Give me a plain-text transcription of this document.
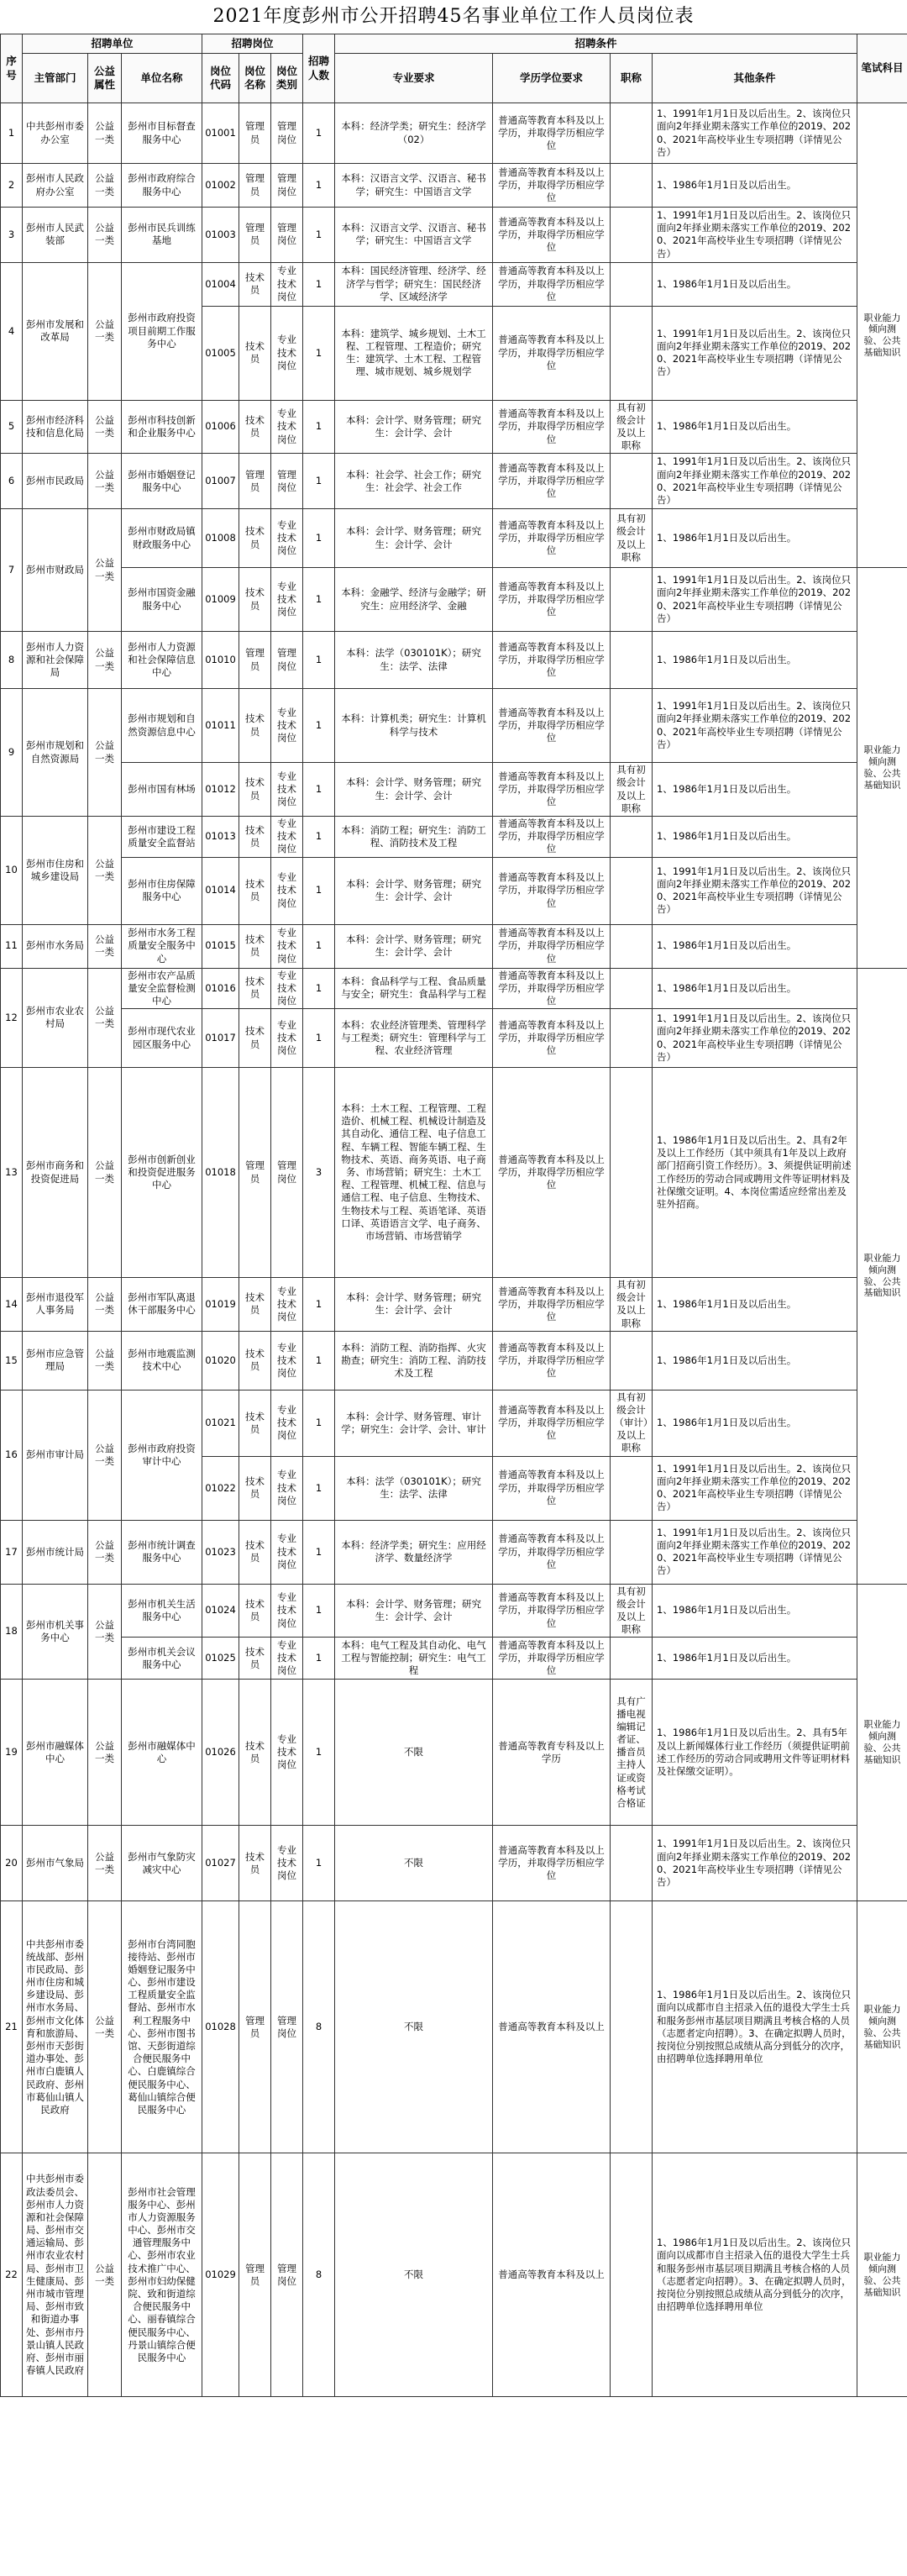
2021年度彭州市公开招聘45名事业单位工作人员岗位表
序号	招聘单位			招聘岗位			招聘人数	招聘条件				笔试科目
	主管部门	公益属性	单位名称	岗位代码	岗位名称	岗位类别		专业要求	学历学位要求	职称	其他条件	
1	中共彭州市委办公室	公益一类	彭州市目标督查服务中心	01001	管理员	管理岗位	1	本科：经济学类；研究生：经济学（02）	普通高等教育本科及以上学历，并取得学历相应学位		1、1991年1月1日及以后出生。2、该岗位只面向2年择业期未落实工作单位的2019、2020、2021年高校毕业生专项招聘（详情见公告）	职业能力倾向测验、公共基础知识
2	彭州市人民政府办公室	公益一类	彭州市政府综合服务中心	01002	管理员	管理岗位	1	本科：汉语言文学、汉语言、秘书学；研究生：中国语言文学	普通高等教育本科及以上学历，并取得学历相应学位		1、1986年1月1日及以后出生。	
3	彭州市人民武装部	公益一类	彭州市民兵训练基地	01003	管理员	管理岗位	1	本科：汉语言文学、汉语言、秘书学；研究生：中国语言文学	普通高等教育本科及以上学历，并取得学历相应学位		1、1991年1月1日及以后出生。2、该岗位只面向2年择业期未落实工作单位的2019、2020、2021年高校毕业生专项招聘（详情见公告）	
4	彭州市发展和改革局	公益一类	彭州市政府投资项目前期工作服务中心	01004	技术员	专业技术岗位	1	本科：国民经济管理、经济学、经济学与哲学；研究生：国民经济学、区域经济学	普通高等教育本科及以上学历，并取得学历相应学位		1、1986年1月1日及以后出生。	
				01005	技术员	专业技术岗位	1	本科：建筑学、城乡规划、土木工程、工程管理、工程造价；研究生：建筑学、土木工程、工程管理、城市规划、城乡规划学	普通高等教育本科及以上学历，并取得学历相应学位		1、1991年1月1日及以后出生。2、该岗位只面向2年择业期未落实工作单位的2019、2020、2021年高校毕业生专项招聘（详情见公告）	
5	彭州市经济科技和信息化局	公益一类	彭州市科技创新和企业服务中心	01006	技术员	专业技术岗位	1	本科：会计学、财务管理；研究生：会计学、会计	普通高等教育本科及以上学历，并取得学历相应学位	具有初级会计及以上职称	1、1986年1月1日及以后出生。	
6	彭州市民政局	公益一类	彭州市婚姻登记服务中心	01007	管理员	管理岗位	1	本科：社会学、社会工作；研究生：社会学、社会工作	普通高等教育本科及以上学历，并取得学历相应学位		1、1991年1月1日及以后出生。2、该岗位只面向2年择业期未落实工作单位的2019、2020、2021年高校毕业生专项招聘（详情见公告）	
7	彭州市财政局	公益一类	彭州市财政局镇财政服务中心	01008	技术员	专业技术岗位	1	本科：会计学、财务管理；研究生：会计学、会计	普通高等教育本科及以上学历，并取得学历相应学位	具有初级会计及以上职称	1、1986年1月1日及以后出生。	
			彭州市国资金融服务中心	01009	技术员	专业技术岗位	1	本科：金融学、经济与金融学；研究生：应用经济学、金融	普通高等教育本科及以上学历，并取得学历相应学位		1、1991年1月1日及以后出生。2、该岗位只面向2年择业期未落实工作单位的2019、2020、2021年高校毕业生专项招聘（详情见公告）	职业能力倾向测验、公共基础知识
8	彭州市人力资源和社会保障局	公益一类	彭州市人力资源和社会保障信息中心	01010	管理员	管理岗位	1	本科：法学（030101K）；研究生：法学、法律	普通高等教育本科及以上学历，并取得学历相应学位		1、1986年1月1日及以后出生。	
9	彭州市规划和自然资源局	公益一类	彭州市规划和自然资源信息中心	01011	技术员	专业技术岗位	1	本科：计算机类；研究生：计算机科学与技术	普通高等教育本科及以上学历，并取得学历相应学位		1、1991年1月1日及以后出生。2、该岗位只面向2年择业期未落实工作单位的2019、2020、2021年高校毕业生专项招聘（详情见公告）	
			彭州市国有林场	01012	技术员	专业技术岗位	1	本科：会计学、财务管理；研究生：会计学、会计	普通高等教育本科及以上学历，并取得学历相应学位	具有初级会计及以上职称	1、1986年1月1日及以后出生。	
10	彭州市住房和城乡建设局	公益一类	彭州市建设工程质量安全监督站	01013	技术员	专业技术岗位	1	本科：消防工程；研究生：消防工程、消防技术及工程	普通高等教育本科及以上学历，并取得学历相应学位		1、1986年1月1日及以后出生。	
			彭州市住房保障服务中心	01014	技术员	专业技术岗位	1	本科：会计学、财务管理；研究生：会计学、会计	普通高等教育本科及以上学历，并取得学历相应学位		1、1991年1月1日及以后出生。2、该岗位只面向2年择业期未落实工作单位的2019、2020、2021年高校毕业生专项招聘（详情见公告）	
11	彭州市水务局	公益一类	彭州市水务工程质量安全服务中心	01015	技术员	专业技术岗位	1	本科：会计学、财务管理；研究生：会计学、会计	普通高等教育本科及以上学历，并取得学历相应学位		1、1986年1月1日及以后出生。	
12	彭州市农业农村局	公益一类	彭州市农产品质量安全监督检测中心	01016	技术员	专业技术岗位	1	本科：食品科学与工程、食品质量与安全；研究生：食品科学与工程	普通高等教育本科及以上学历，并取得学历相应学位		1、1986年1月1日及以后出生。	职业能力倾向测验、公共基础知识
			彭州市现代农业园区服务中心	01017	技术员	专业技术岗位	1	本科：农业经济管理类、管理科学与工程类；研究生：管理科学与工程、农业经济管理	普通高等教育本科及以上学历，并取得学历相应学位		1、1991年1月1日及以后出生。2、该岗位只面向2年择业期未落实工作单位的2019、2020、2021年高校毕业生专项招聘（详情见公告）	
13	彭州市商务和投资促进局	公益一类	彭州市创新创业和投资促进服务中心	01018	管理员	管理岗位	3	本科：土木工程、工程管理、工程造价、机械工程、机械设计制造及其自动化、通信工程、电子信息工程、车辆工程、智能车辆工程、生物技术、英语、商务英语、电子商务、市场营销；研究生：土木工程、工程管理、机械工程、信息与通信工程、电子信息、生物技术、生物技术与工程、英语笔译、英语口译、英语语言文学、电子商务、市场营销、市场营销学	普通高等教育本科及以上学历，并取得学历相应学位		1、1986年1月1日及以后出生。2、具有2年及以上工作经历（其中须具有1年及以上政府部门招商引资工作经历）。3、须提供证明前述工作经历的劳动合同或聘用文件等证明材料及社保缴交证明。4、本岗位需适应经常出差及驻外招商。	
14	彭州市退役军人事务局	公益一类	彭州市军队离退休干部服务中心	01019	技术员	专业技术岗位	1	本科：会计学、财务管理；研究生：会计学、会计	普通高等教育本科及以上学历，并取得学历相应学位	具有初级会计及以上职称	1、1986年1月1日及以后出生。	
15	彭州市应急管理局	公益一类	彭州市地震监测技术中心	01020	技术员	专业技术岗位	1	本科：消防工程、消防指挥、火灾勘查；研究生：消防工程、消防技术及工程	普通高等教育本科及以上学历，并取得学历相应学位		1、1986年1月1日及以后出生。	
16	彭州市审计局	公益一类	彭州市政府投资审计中心	01021	技术员	专业技术岗位	1	本科：会计学、财务管理、审计学；研究生：会计学、会计、审计	普通高等教育本科及以上学历，并取得学历相应学位	具有初级会计（审计）及以上职称	1、1986年1月1日及以后出生。	
				01022	技术员	专业技术岗位	1	本科：法学（030101K）；研究生：法学、法律	普通高等教育本科及以上学历，并取得学历相应学位		1、1991年1月1日及以后出生。2、该岗位只面向2年择业期未落实工作单位的2019、2020、2021年高校毕业生专项招聘（详情见公告）	
17	彭州市统计局	公益一类	彭州市统计调查服务中心	01023	技术员	专业技术岗位	1	本科：经济学类；研究生：应用经济学、数量经济学	普通高等教育本科及以上学历，并取得学历相应学位		1、1991年1月1日及以后出生。2、该岗位只面向2年择业期未落实工作单位的2019、2020、2021年高校毕业生专项招聘（详情见公告）	
18	彭州市机关事务中心	公益一类	彭州市机关生活服务中心	01024	技术员	专业技术岗位	1	本科：会计学、财务管理；研究生：会计学、会计	普通高等教育本科及以上学历，并取得学历相应学位	具有初级会计及以上职称	1、1986年1月1日及以后出生。	职业能力倾向测验、公共基础知识
			彭州市机关会议服务中心	01025	技术员	专业技术岗位	1	本科：电气工程及其自动化、电气工程与智能控制；研究生：电气工程	普通高等教育本科及以上学历，并取得学历相应学位		1、1986年1月1日及以后出生。	
19	彭州市融媒体中心	公益一类	彭州市融媒体中心	01026	技术员	专业技术岗位	1	不限	普通高等教育专科及以上学历	具有广播电视编辑记者证、播音员主持人证或资格考试合格证	1、1986年1月1日及以后出生。2、具有5年及以上新闻媒体行业工作经历（须提供证明前述工作经历的劳动合同或聘用文件等证明材料及社保缴交证明）。	
20	彭州市气象局	公益一类	彭州市气象防灾减灾中心	01027	技术员	专业技术岗位	1	不限	普通高等教育本科及以上学历，并取得学历相应学位		1、1991年1月1日及以后出生。2、该岗位只面向2年择业期未落实工作单位的2019、2020、2021年高校毕业生专项招聘（详情见公告）	
21	中共彭州市委统战部、彭州市民政局、彭州市住房和城乡建设局、彭州市水务局、彭州市文化体育和旅游局、彭州市天彭街道办事处、彭州市白鹿镇人民政府、彭州市葛仙山镇人民政府	公益一类	彭州市台湾同胞接待站、彭州市婚姻登记服务中心、彭州市建设工程质量安全监督站、彭州市水利工程服务中心、彭州市图书馆、天彭街道综合便民服务中心、白鹿镇综合便民服务中心、葛仙山镇综合便民服务中心	01028	管理员	管理岗位	8	不限	普通高等教育本科及以上		1、1986年1月1日及以后出生。2、该岗位只面向以成都市自主招录入伍的退役大学生士兵和服务彭州市基层项目期满且考核合格的人员（志愿者定向招聘）。3、在确定拟聘人员时，按岗位分别按照总成绩从高分到低分的次序，由招聘单位选择聘用单位	职业能力倾向测验、公共基础知识
22	中共彭州市委政法委员会、彭州市人力资源和社会保障局、彭州市交通运输局、彭州市农业农村局、彭州市卫生健康局、彭州市城市管理局、彭州市致和街道办事处、彭州市丹景山镇人民政府、彭州市丽春镇人民政府	公益一类	彭州市社会管理服务中心、彭州市人力资源服务中心、彭州市交通管理服务中心、彭州市农业技术推广中心、彭州市妇幼保健院、致和街道综合便民服务中心、丽春镇综合便民服务中心、丹景山镇综合便民服务中心	01029	管理员	管理岗位	8	不限	普通高等教育本科及以上		1、1986年1月1日及以后出生。2、该岗位只面向以成都市自主招录入伍的退役大学生士兵和服务彭州市基层项目期满且考核合格的人员（志愿者定向招聘）。3、在确定拟聘人员时，按岗位分别按照总成绩从高分到低分的次序，由招聘单位选择聘用单位	职业能力倾向测验、公共基础知识
